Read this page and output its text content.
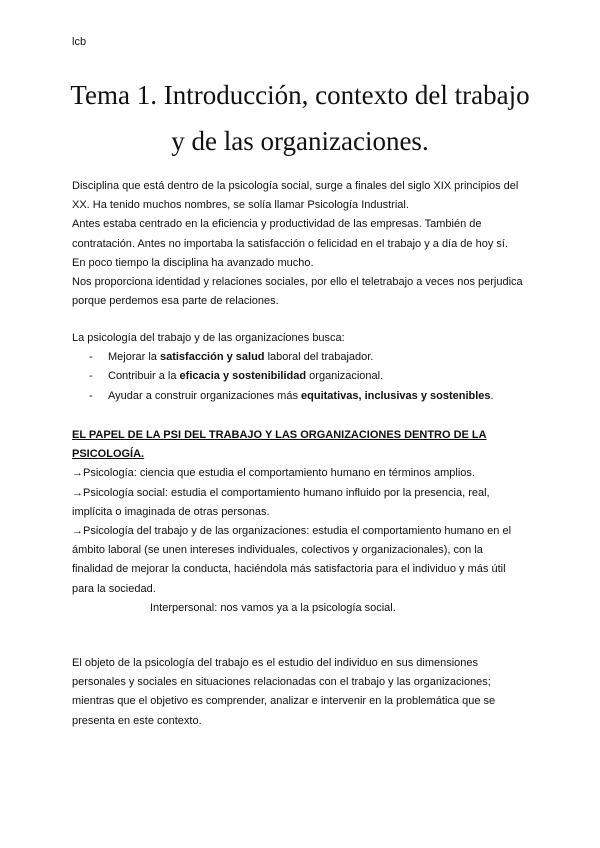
lcb
Tema 1. Introducción, contexto del trabajo
y de las organizaciones.

Disciplina que está dentro de la psicología social, surge a finales del siglo XIX principios del

XX. Ha tenido muchos nombres, se solía llamar Psicología Industrial.

Antes estaba centrado en la eficiencia y productividad de las empresas. También de

contratación. Antes no importaba la satisfacción o felicidad en el trabajo y a día de hoy sí.

En poco tiempo la disciplina ha avanzado mucho.

Nos proporciona identidad y relaciones sociales, por ello el teletrabajo a veces nos perjudica

porque perdemos esa parte de relaciones.

La psicología del trabajo y de las organizaciones busca:

- Mejorar la satisfacción y salud laboral del trabajador.
- Contribuir a la eficacia y sostenibilidad organizacional.
- Ayudar a construir organizaciones más equitativas, inclusivas y sostenibles.
EL PAPEL DE LA PSI DEL TRABAJO Y LAS ORGANIZACIONES DENTRO DE LA
PSICOLOGÍA.

→Psicología: ciencia que estudia el comportamiento humano en términos amplios.

→Psicología social: estudia el comportamiento humano influido por la presencia, real,

implícita o imaginada de otras personas.

→Psicología del trabajo y de las organizaciones: estudia el comportamiento humano en el

ámbito laboral (se unen intereses individuales, colectivos y organizacionales), con la

finalidad de mejorar la conducta, haciéndola más satisfactoria para el individuo y más útil

para la sociedad.

Interpersonal: nos vamos ya a la psicología social.

El objeto de la psicología del trabajo es el estudio del individuo en sus dimensiones

personales y sociales en situaciones relacionadas con el trabajo y las organizaciones;

mientras que el objetivo es comprender, analizar e intervenir en la problemática que se

presenta en este contexto.
